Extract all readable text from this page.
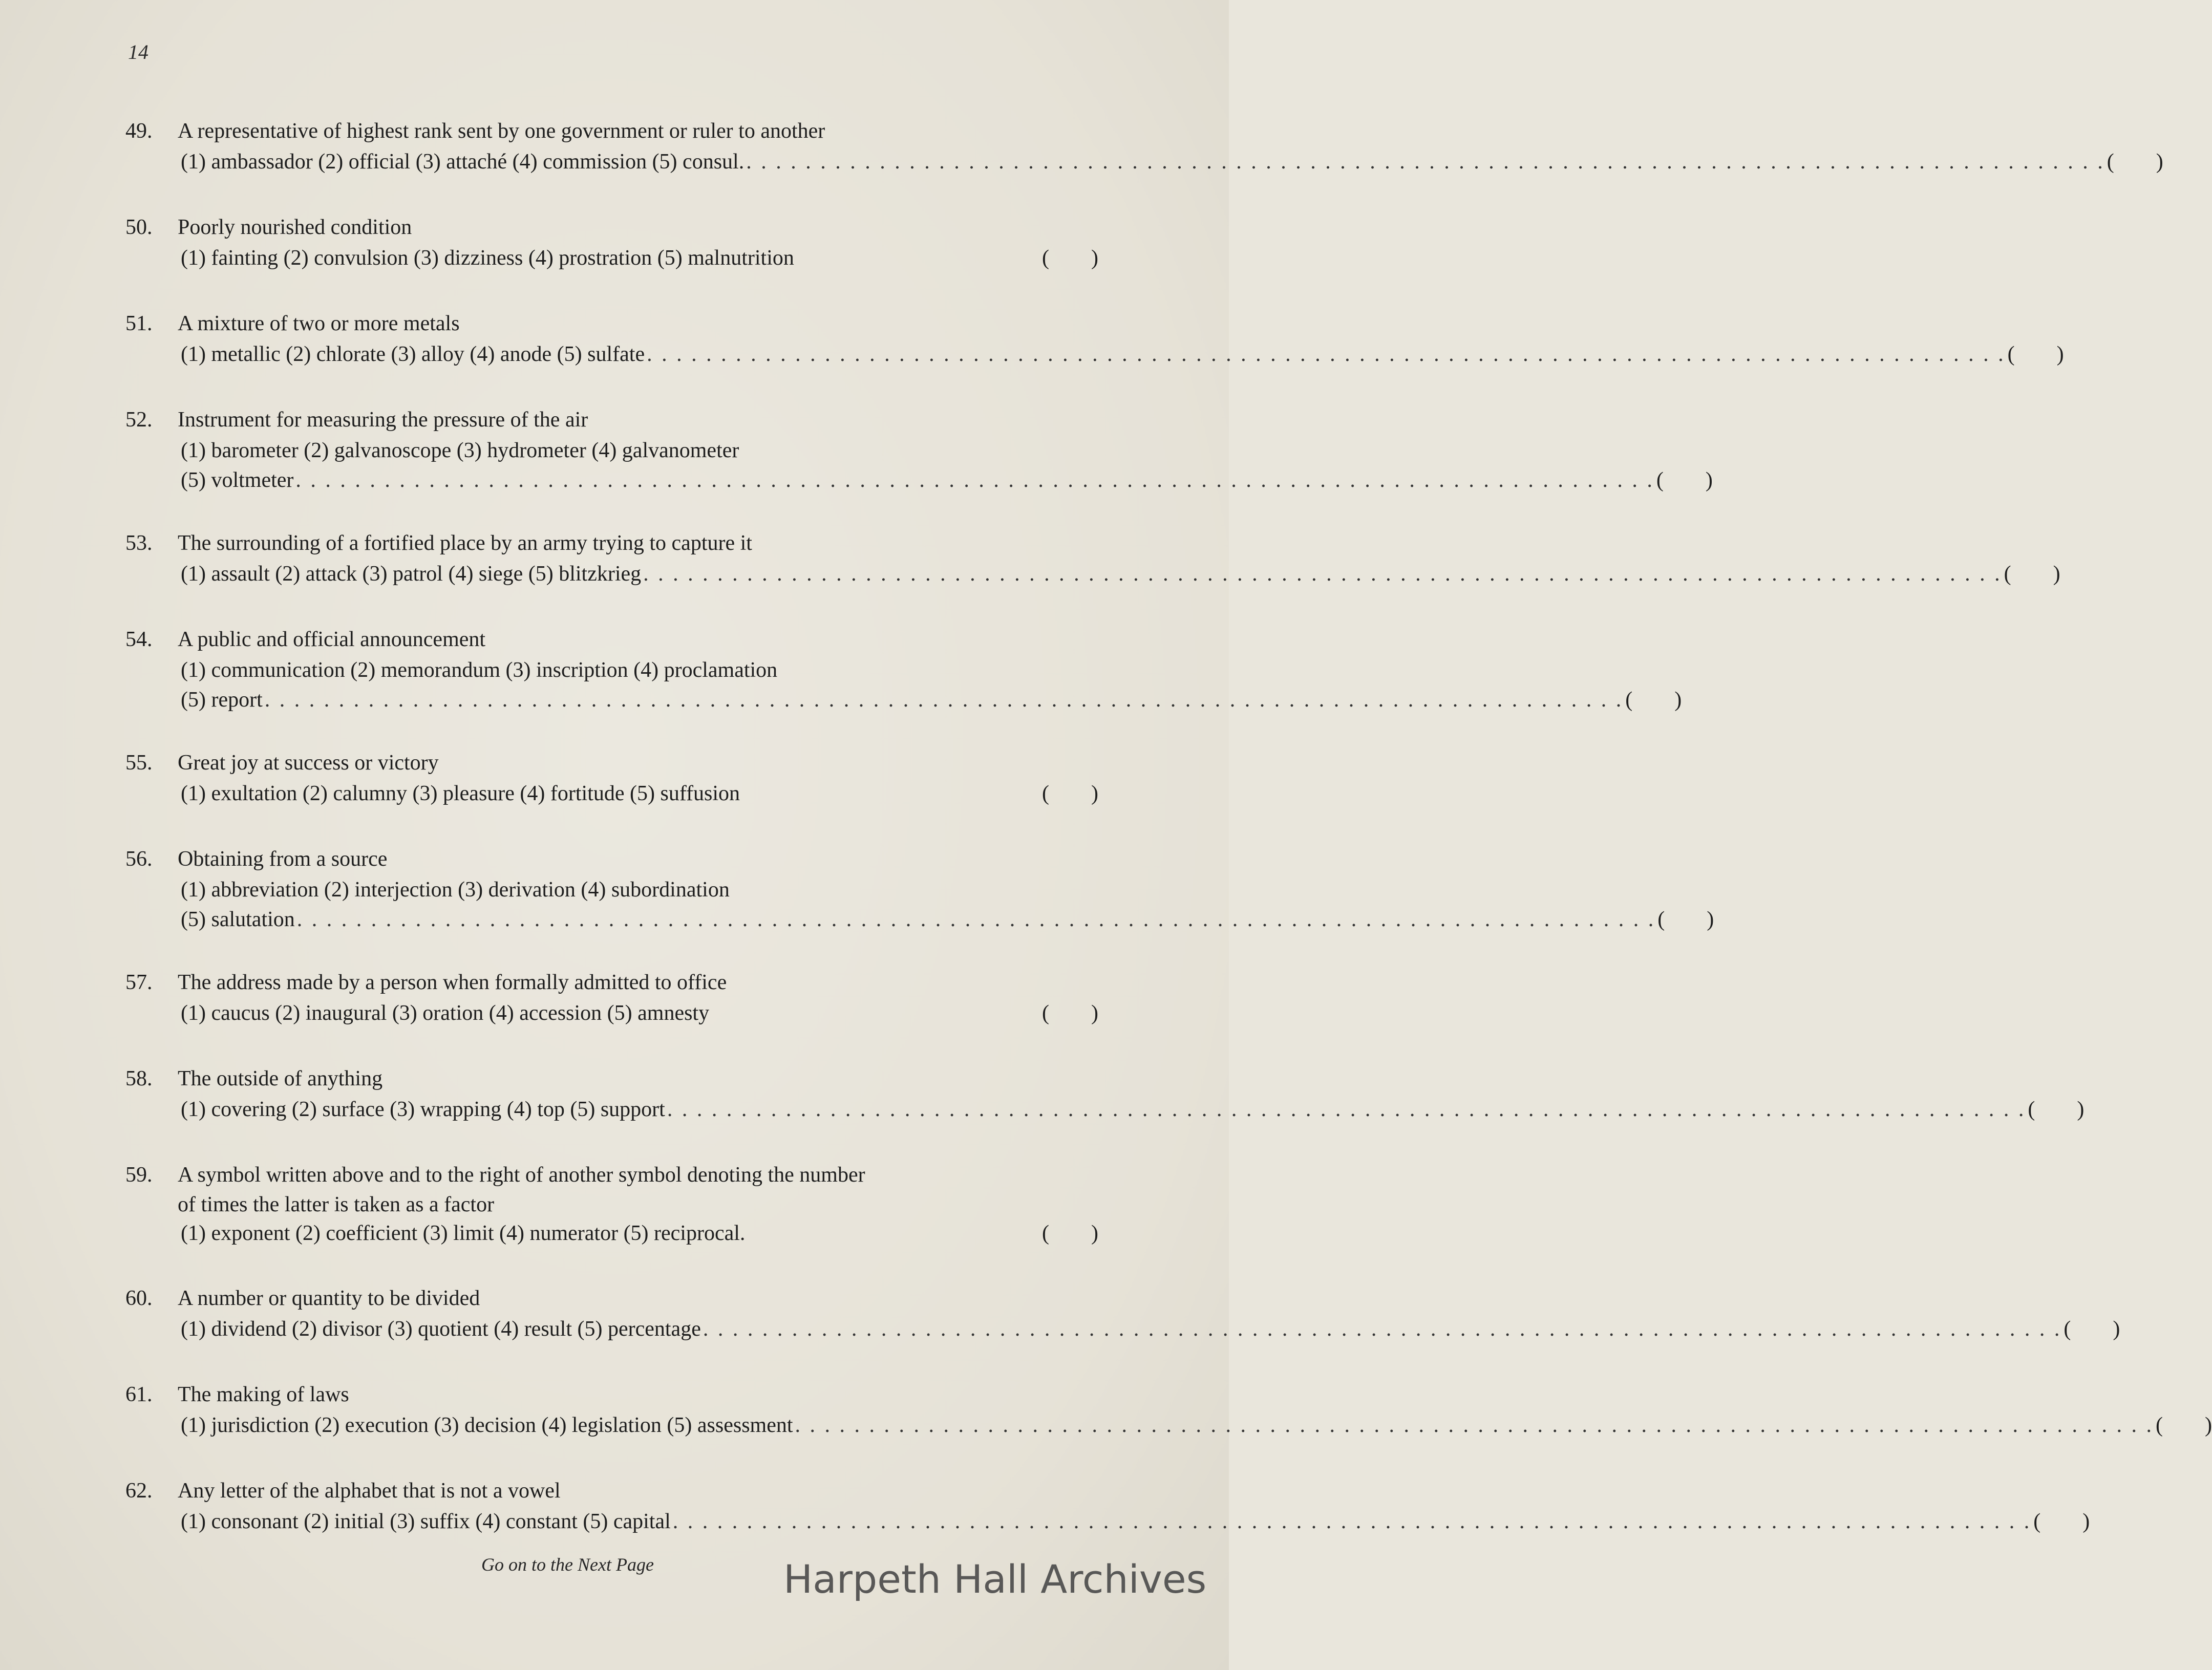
14
49.	A representative of highest rank sent by one government or ruler to another
(1) ambassador (2) official (3) attaché (4) commission (5) consul. . . . . . . . . . . . . . . . . . . . . . . . . . . . . . . . . . . . . . . . . . . . . . . . . . . . . . . . . . . . . . . . . . . . . . . . . . . . . . . . . . . . . . . . . . . . . ( )
50.	Poorly nourished condition
(1) fainting (2) convulsion (3) dizziness (4) prostration (5) malnutrition	( )
51.	A mixture of two or more metals
(1) metallic (2) chlorate (3) alloy (4) anode (5) sulfate . . . . . . . . . . . . . . . . . . . . . . . . . . . . . . . . . . . . . . . . . . . . . . . . . . . . . . . . . . . . . . . . . . . . . . . . . . . . . . . . . . . . . . . . . . . . ( )
52.	Instrument for measuring the pressure of the air
(1) barometer (2) galvanoscope (3) hydrometer (4) galvanometer
(5) voltmeter . . . . . . . . . . . . . . . . . . . . . . . . . . . . . . . . . . . . . . . . . . . . . . . . . . . . . . . . . . . . . . . . . . . . . . . . . . . . . . . . . . . . . . . . . . . . ( )
53.	The surrounding of a fortified place by an army trying to capture it
(1) assault (2) attack (3) patrol (4) siege (5) blitzkrieg . . . . . . . . . . . . . . . . . . . . . . . . . . . . . . . . . . . . . . . . . . . . . . . . . . . . . . . . . . . . . . . . . . . . . . . . . . . . . . . . . . . . . . . . . . . . ( )
54.	A public and official announcement
(1) communication (2) memorandum (3) inscription (4) proclamation
(5) report . . . . . . . . . . . . . . . . . . . . . . . . . . . . . . . . . . . . . . . . . . . . . . . . . . . . . . . . . . . . . . . . . . . . . . . . . . . . . . . . . . . . . . . . . . . . ( )
55.	Great joy at success or victory
(1) exultation (2) calumny (3) pleasure (4) fortitude (5) suffusion	( )
56.	Obtaining from a source
(1) abbreviation (2) interjection (3) derivation (4) subordination
(5) salutation . . . . . . . . . . . . . . . . . . . . . . . . . . . . . . . . . . . . . . . . . . . . . . . . . . . . . . . . . . . . . . . . . . . . . . . . . . . . . . . . . . . . . . . . . . . . ( )
57.	The address made by a person when formally admitted to office
(1) caucus (2) inaugural (3) oration (4) accession (5) amnesty	( )
58.	The outside of anything
(1) covering (2) surface (3) wrapping (4) top (5) support . . . . . . . . . . . . . . . . . . . . . . . . . . . . . . . . . . . . . . . . . . . . . . . . . . . . . . . . . . . . . . . . . . . . . . . . . . . . . . . . . . . . . . . . . . . . ( )
59.	A symbol written above and to the right of another symbol denoting the number
of times the latter is taken as a factor
(1) exponent (2) coefficient (3) limit (4) numerator (5) reciprocal.	( )
60.	A number or quantity to be divided
(1) dividend (2) divisor (3) quotient (4) result (5) percentage . . . . . . . . . . . . . . . . . . . . . . . . . . . . . . . . . . . . . . . . . . . . . . . . . . . . . . . . . . . . . . . . . . . . . . . . . . . . . . . . . . . . . . . . . . . . ( )
61.	The making of laws
(1) jurisdiction (2) execution (3) decision (4) legislation (5) assessment . . . . . . . . . . . . . . . . . . . . . . . . . . . . . . . . . . . . . . . . . . . . . . . . . . . . . . . . . . . . . . . . . . . . . . . . . . . . . . . . . . . . . . . . . . . . ( )
62.	Any letter of the alphabet that is not a vowel
(1) consonant (2) initial (3) suffix (4) constant (5) capital . . . . . . . . . . . . . . . . . . . . . . . . . . . . . . . . . . . . . . . . . . . . . . . . . . . . . . . . . . . . . . . . . . . . . . . . . . . . . . . . . . . . . . . . . . . . ( )
Go on to the Next Page	Harpeth Hall Archives
